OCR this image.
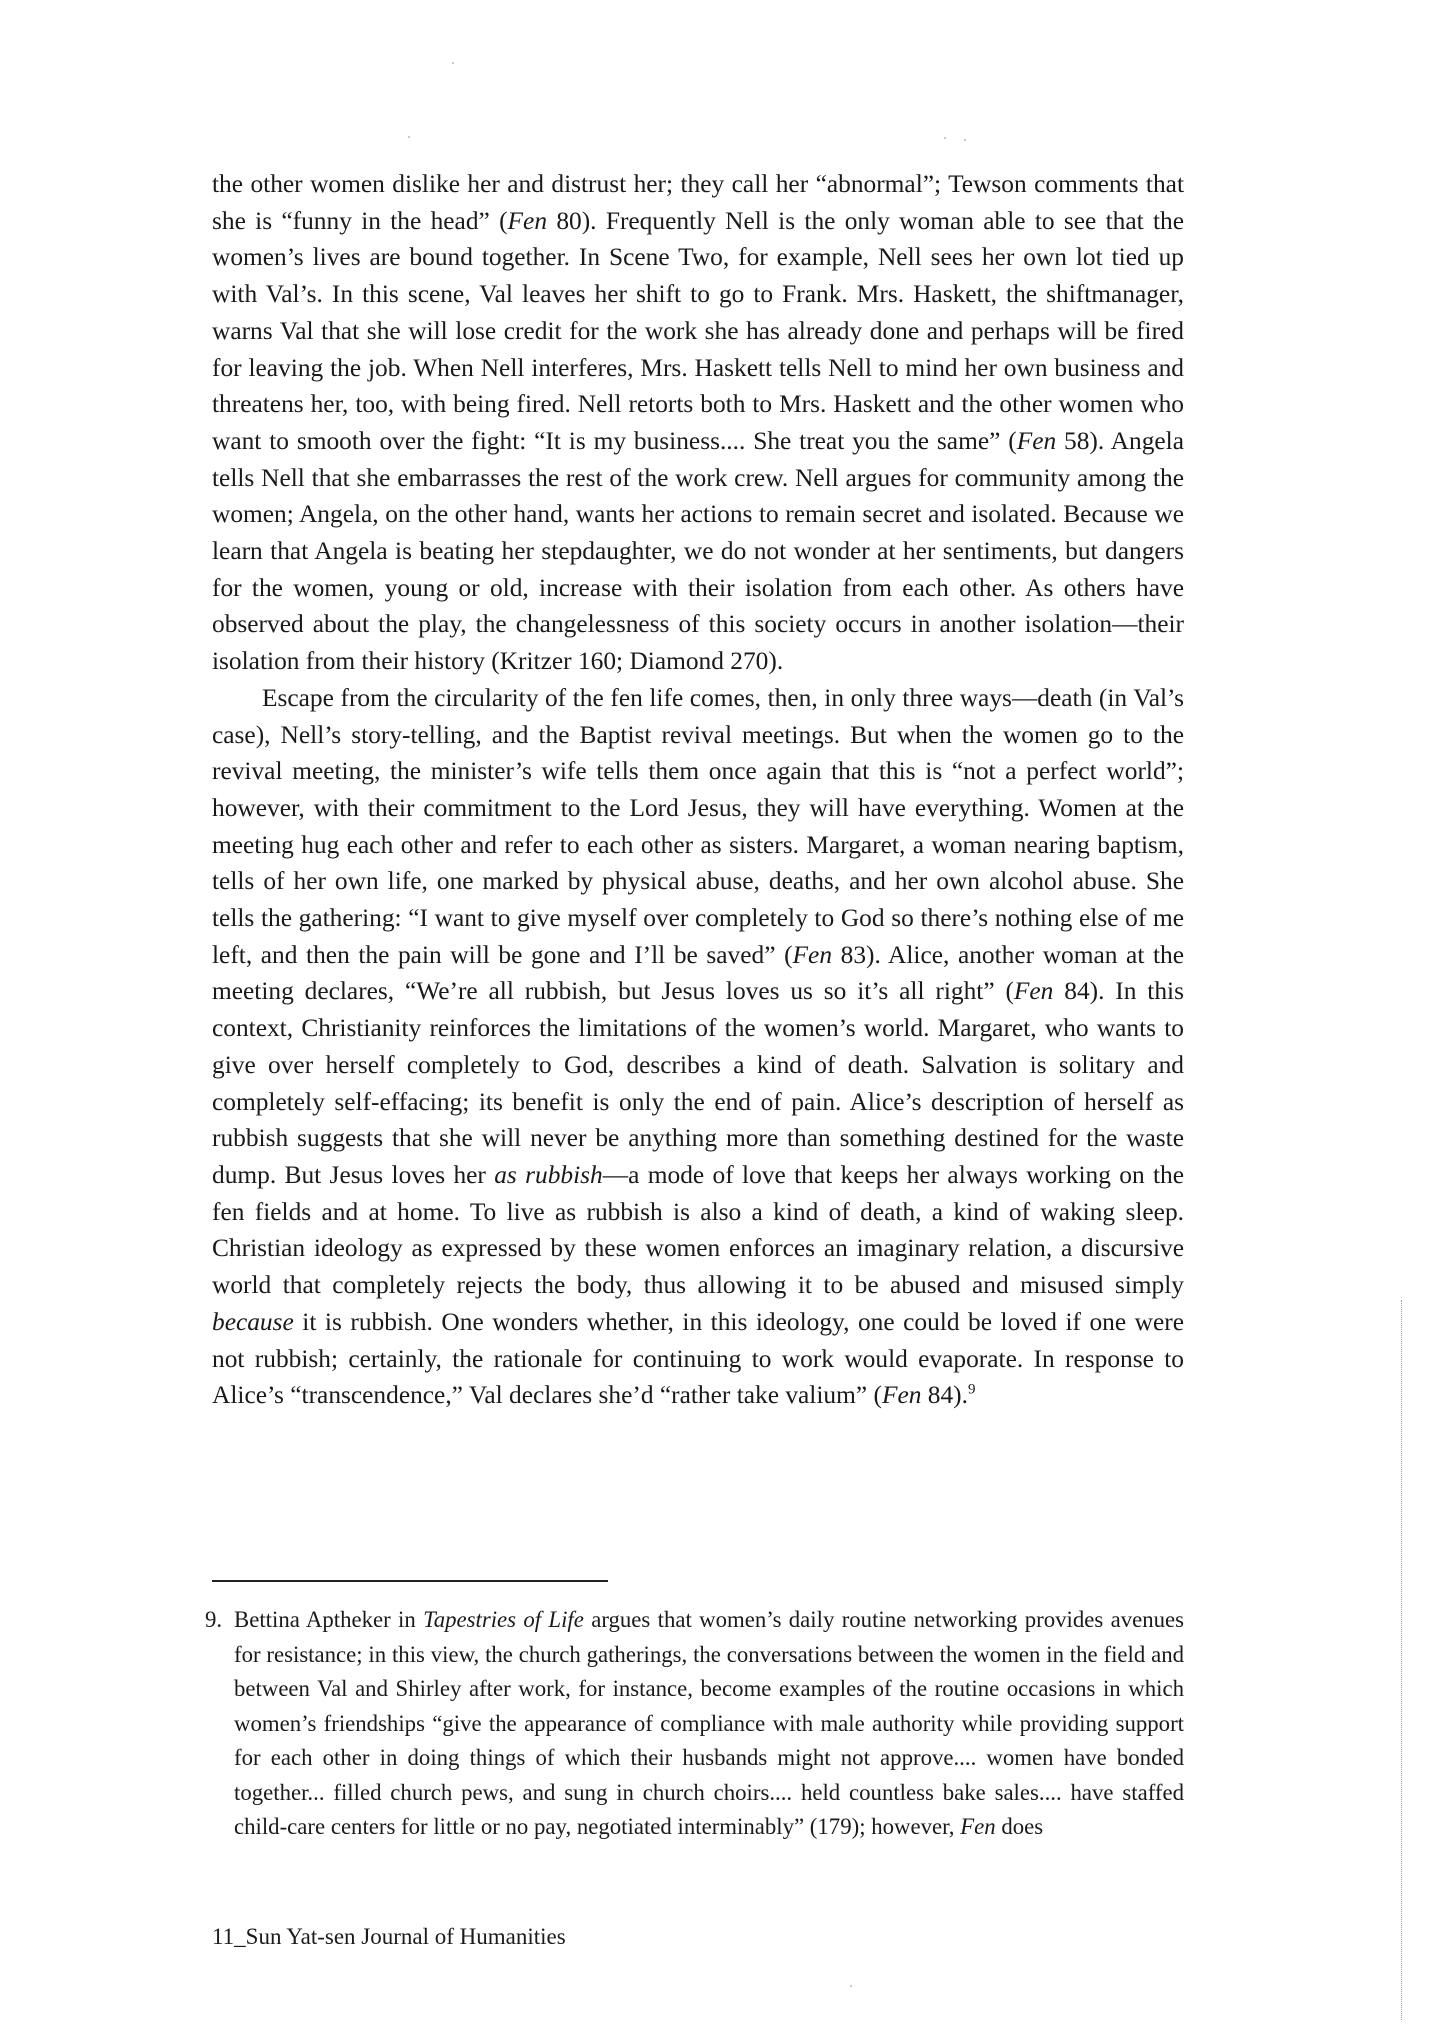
the other women dislike her and distrust her; they call her “abnormal”; Tewson comments that she is “funny in the head” (Fen 80). Frequently Nell is the only woman able to see that the women’s lives are bound together. In Scene Two, for example, Nell sees her own lot tied up with Val’s. In this scene, Val leaves her shift to go to Frank. Mrs. Haskett, the shiftmanager, warns Val that she will lose credit for the work she has already done and perhaps will be fired for leaving the job. When Nell interferes, Mrs. Haskett tells Nell to mind her own business and threatens her, too, with being fired. Nell retorts both to Mrs. Haskett and the other women who want to smooth over the fight: “It is my business.... She treat you the same” (Fen 58). Angela tells Nell that she embarrasses the rest of the work crew. Nell argues for community among the women; Angela, on the other hand, wants her actions to remain secret and isolated. Because we learn that Angela is beating her stepdaughter, we do not wonder at her sentiments, but dangers for the women, young or old, increase with their isolation from each other. As others have observed about the play, the changelessness of this society occurs in another isolation—their isolation from their history (Kritzer 160; Diamond 270).

Escape from the circularity of the fen life comes, then, in only three ways—death (in Val’s case), Nell’s story-telling, and the Baptist revival meetings. But when the women go to the revival meeting, the minister’s wife tells them once again that this is “not a perfect world”; however, with their commitment to the Lord Jesus, they will have everything. Women at the meeting hug each other and refer to each other as sisters. Margaret, a woman nearing baptism, tells of her own life, one marked by physical abuse, deaths, and her own alcohol abuse. She tells the gathering: “I want to give myself over completely to God so there’s nothing else of me left, and then the pain will be gone and I’ll be saved” (Fen 83). Alice, another woman at the meeting declares, “We’re all rubbish, but Jesus loves us so it’s all right” (Fen 84). In this context, Christianity reinforces the limitations of the women’s world. Margaret, who wants to give over herself completely to God, describes a kind of death. Salvation is solitary and completely self-effacing; its benefit is only the end of pain. Alice’s description of herself as rubbish suggests that she will never be anything more than something destined for the waste dump. But Jesus loves her as rubbish—a mode of love that keeps her always working on the fen fields and at home. To live as rubbish is also a kind of death, a kind of waking sleep. Christian ideology as expressed by these women enforces an imaginary relation, a discursive world that completely rejects the body, thus allowing it to be abused and misused simply because it is rubbish. One wonders whether, in this ideology, one could be loved if one were not rubbish; certainly, the rationale for continuing to work would evaporate. In response to Alice’s “transcendence,” Val declares she’d “rather take valium” (Fen 84).$^9$

9. Bettina Aptheker in Tapestries of Life argues that women’s daily routine networking provides avenues for resistance; in this view, the church gatherings, the conversations between the women in the field and between Val and Shirley after work, for instance, become examples of the routine occasions in which women’s friendships “give the appearance of compliance with male authority while providing support for each other in doing things of which their husbands might not approve.... women have bonded together... filled church pews, and sung in church choirs.... held countless bake sales.... have staffed child-care centers for little or no pay, negotiated interminably” (179); however, Fen does
11_Sun Yat-sen Journal of Humanities
